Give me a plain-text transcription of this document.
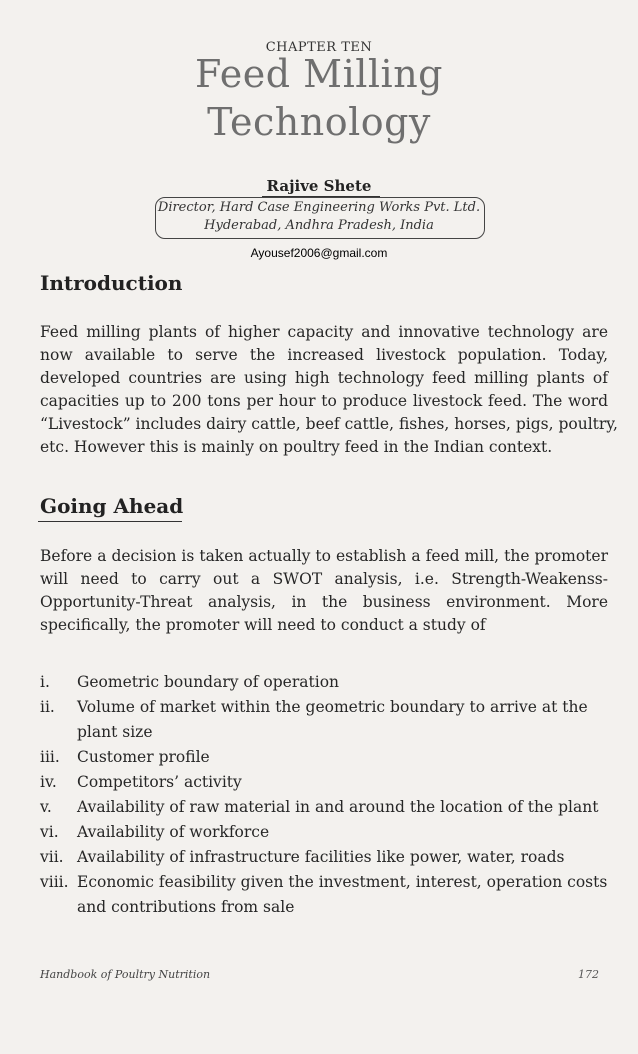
CHAPTER TEN
Feed Milling
Technology
Rajive Shete
Director, Hard Case Engineering Works Pvt. Ltd.
Hyderabad, Andhra Pradesh, India
Ayousef2006@gmail.com
Introduction
Feed milling plants of higher capacity and innovative technology are
now available to serve the increased livestock population. Today,
developed countries are using high technology feed milling plants of
capacities up to 200 tons per hour to produce livestock feed. The word
“Livestock” includes dairy cattle, beef cattle, fishes, horses, pigs, poultry,
etc. However this is mainly on poultry feed in the Indian context.
Going Ahead
Before a decision is taken actually to establish a feed mill, the promoter
will need to carry out a SWOT analysis, i.e. Strength-Weakenss-
Opportunity-Threat analysis, in the business environment. More
specifically, the promoter will need to conduct a study of
i. Geometric boundary of operation
ii. Volume of market within the geometric boundary to arrive at the plant size
iii. Customer profile
iv. Competitors’ activity
v. Availability of raw material in and around the location of the plant
vi. Availability of workforce
vii. Availability of infrastructure facilities like power, water, roads
viii. Economic feasibility given the investment, interest, operation costs and contributions from sale
Handbook of Poultry Nutrition	172
